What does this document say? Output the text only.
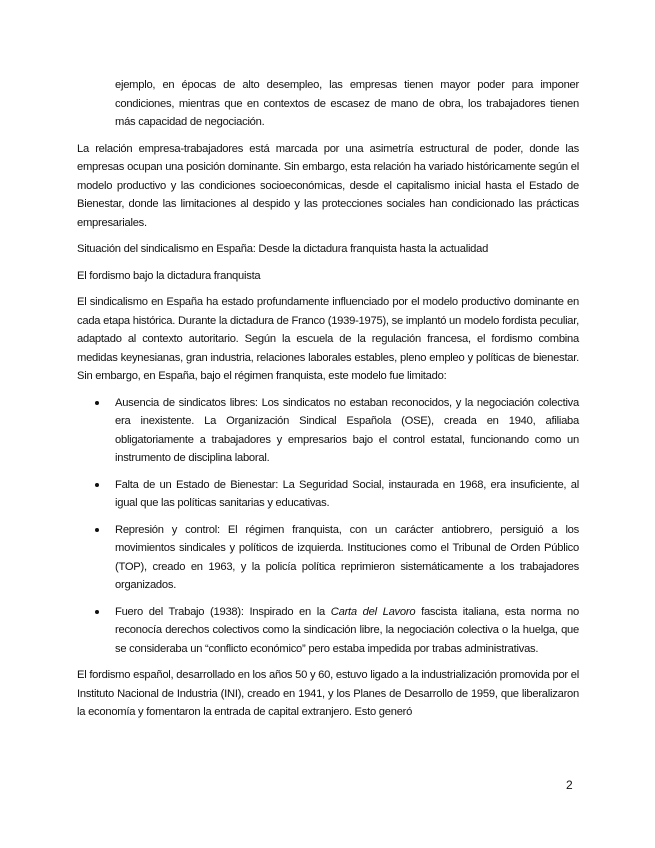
ejemplo, en épocas de alto desempleo, las empresas tienen mayor poder para imponer condiciones, mientras que en contextos de escasez de mano de obra, los trabajadores tienen más capacidad de negociación.

La relación empresa-trabajadores está marcada por una asimetría estructural de poder, donde las empresas ocupan una posición dominante. Sin embargo, esta relación ha variado históricamente según el modelo productivo y las condiciones socioeconómicas, desde el capitalismo inicial hasta el Estado de Bienestar, donde las limitaciones al despido y las protecciones sociales han condicionado las prácticas empresariales.

Situación del sindicalismo en España: Desde la dictadura franquista hasta la actualidad

El fordismo bajo la dictadura franquista

El sindicalismo en España ha estado profundamente influenciado por el modelo productivo dominante en cada etapa histórica. Durante la dictadura de Franco (1939-1975), se implantó un modelo fordista peculiar, adaptado al contexto autoritario. Según la escuela de la regulación francesa, el fordismo combina medidas keynesianas, gran industria, relaciones laborales estables, pleno empleo y políticas de bienestar. Sin embargo, en España, bajo el régimen franquista, este modelo fue limitado:

Ausencia de sindicatos libres: Los sindicatos no estaban reconocidos, y la negociación colectiva era inexistente. La Organización Sindical Española (OSE), creada en 1940, afiliaba obligatoriamente a trabajadores y empresarios bajo el control estatal, funcionando como un instrumento de disciplina laboral.
Falta de un Estado de Bienestar: La Seguridad Social, instaurada en 1968, era insuficiente, al igual que las políticas sanitarias y educativas.
Represión y control: El régimen franquista, con un carácter antiobrero, persiguió a los movimientos sindicales y políticos de izquierda. Instituciones como el Tribunal de Orden Público (TOP), creado en 1963, y la policía política reprimieron sistemáticamente a los trabajadores organizados.
Fuero del Trabajo (1938): Inspirado en la Carta del Lavoro fascista italiana, esta norma no reconocía derechos colectivos como la sindicación libre, la negociación colectiva o la huelga, que se consideraba un “conflicto económico” pero estaba impedida por trabas administrativas.

El fordismo español, desarrollado en los años 50 y 60, estuvo ligado a la industrialización promovida por el Instituto Nacional de Industria (INI), creado en 1941, y los Planes de Desarrollo de 1959, que liberalizaron la economía y fomentaron la entrada de capital extranjero. Esto generó

2
